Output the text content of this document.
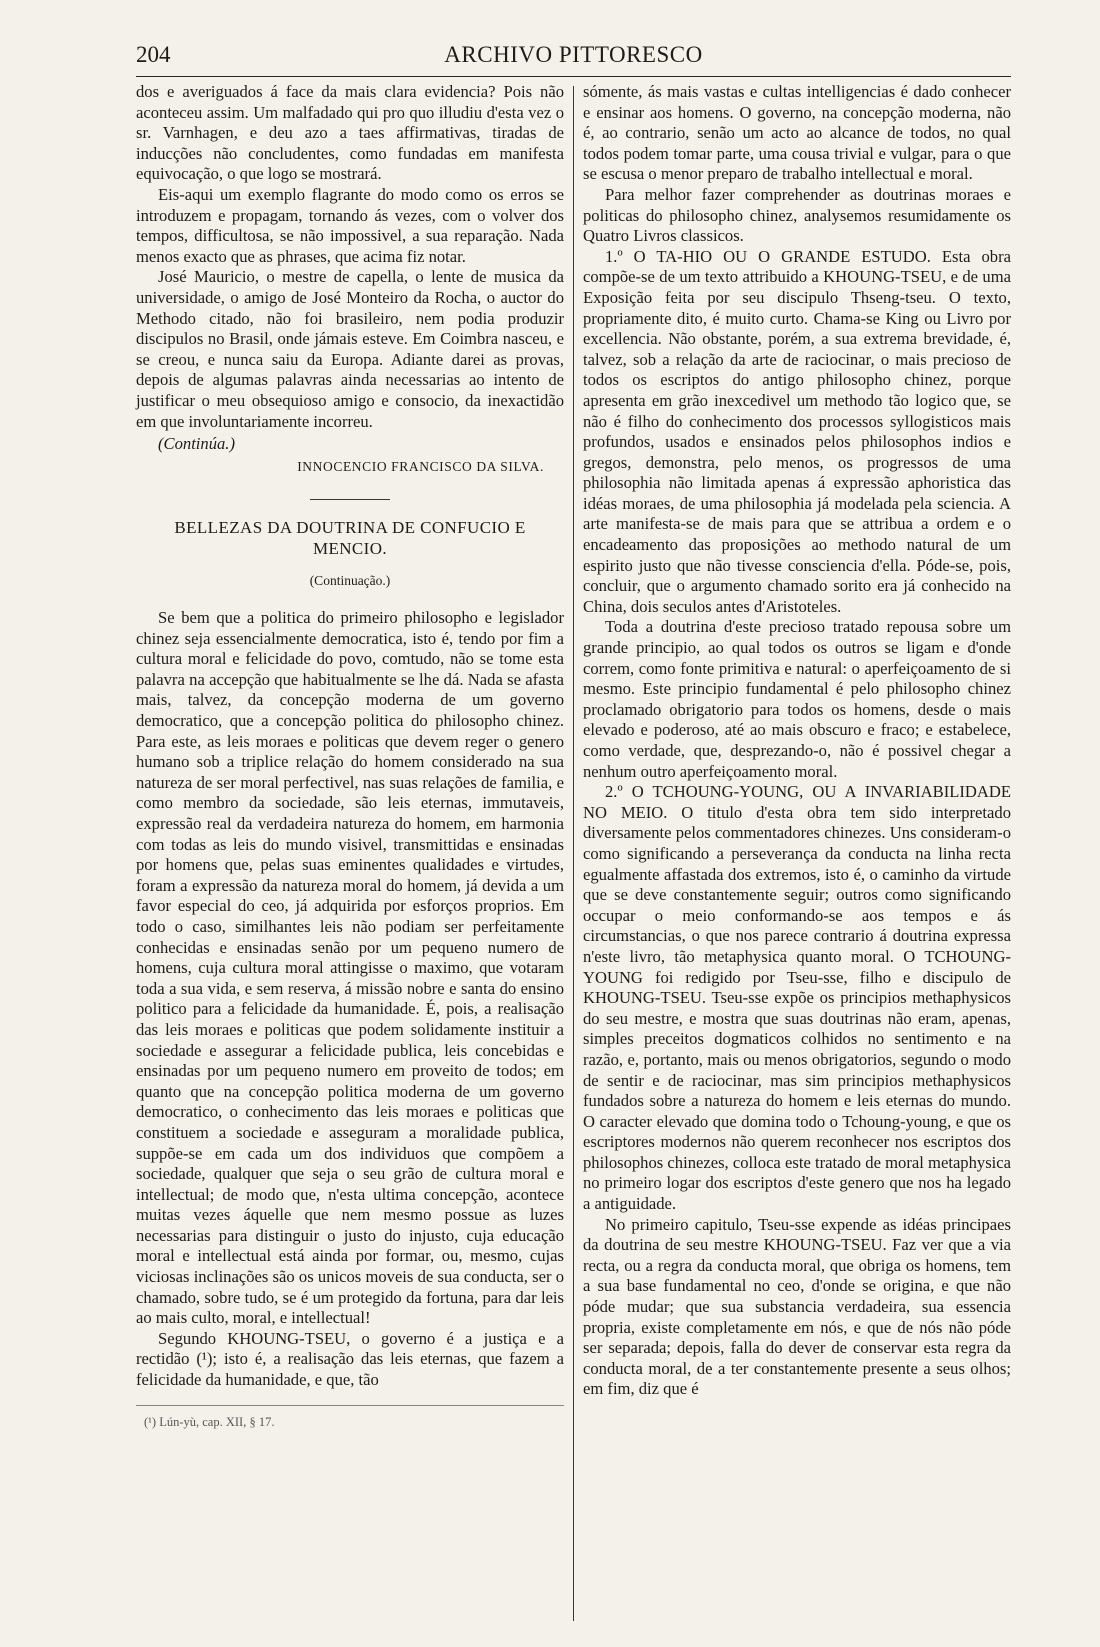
204	ARCHIVO PITTORESCO

dos e averiguados á face da mais clara evidencia? Pois não aconteceu assim. Um malfadado qui pro quo illudiu d'esta vez o sr. Varnhagen, e deu azo a taes affirmativas, tiradas de inducções não concludentes, como fundadas em manifesta equivocação, o que logo se mostrará.

Eis-aqui um exemplo flagrante do modo como os erros se introduzem e propagam, tornando ás vezes, com o volver dos tempos, difficultosa, se não impossivel, a sua reparação. Nada menos exacto que as phrases, que acima fiz notar.

José Mauricio, o mestre de capella, o lente de musica da universidade, o amigo de José Monteiro da Rocha, o auctor do Methodo citado, não foi brasileiro, nem podia produzir discipulos no Brasil, onde jámais esteve. Em Coimbra nasceu, e se creou, e nunca saiu da Europa. Adiante darei as provas, depois de algumas palavras ainda necessarias ao intento de justificar o meu obsequioso amigo e consocio, da inexactidão em que involuntariamente incorreu.

(Continúa.)

INNOCENCIO FRANCISCO DA SILVA.
BELLEZAS DA DOUTRINA DE CONFUCIO E MENCIO.
(Continuação.)

Se bem que a politica do primeiro philosopho e legislador chinez seja essencialmente democratica, isto é, tendo por fim a cultura moral e felicidade do povo, comtudo, não se tome esta palavra na accepção que habitualmente se lhe dá. Nada se afasta mais, talvez, da concepção moderna de um governo democratico, que a concepção politica do philosopho chinez. Para este, as leis moraes e politicas que devem reger o genero humano sob a triplice relação do homem considerado na sua natureza de ser moral perfectivel, nas suas relações de familia, e como membro da sociedade, são leis eternas, immutaveis, expressão real da verdadeira natureza do homem, em harmonia com todas as leis do mundo visivel, transmittidas e ensinadas por homens que, pelas suas eminentes qualidades e virtudes, foram a expressão da natureza moral do homem, já devida a um favor especial do ceo, já adquirida por esforços proprios. Em todo o caso, similhantes leis não podiam ser perfeitamente conhecidas e ensinadas senão por um pequeno numero de homens, cuja cultura moral attingisse o maximo, que votaram toda a sua vida, e sem reserva, á missão nobre e santa do ensino politico para a felicidade da humanidade. É, pois, a realisação das leis moraes e politicas que podem solidamente instituir a sociedade e assegurar a felicidade publica, leis concebidas e ensinadas por um pequeno numero em proveito de todos; em quanto que na concepção politica moderna de um governo democratico, o conhecimento das leis moraes e politicas que constituem a sociedade e asseguram a moralidade publica, suppõe-se em cada um dos individuos que compõem a sociedade, qualquer que seja o seu grão de cultura moral e intellectual; de modo que, n'esta ultima concepção, acontece muitas vezes áquelle que nem mesmo possue as luzes necessarias para distinguir o justo do injusto, cuja educação moral e intellectual está ainda por formar, ou, mesmo, cujas viciosas inclinações são os unicos moveis de sua conducta, ser o chamado, sobre tudo, se é um protegido da fortuna, para dar leis ao mais culto, moral, e intellectual!

Segundo KHOUNG-TSEU, o governo é a justiça e a rectidão (¹); isto é, a realisação das leis eternas, que fazem a felicidade da humanidade, e que, tão

(¹) Lún-yù, cap. XII, § 17.

sómente, ás mais vastas e cultas intelligencias é dado conhecer e ensinar aos homens. O governo, na concepção moderna, não é, ao contrario, senão um acto ao alcance de todos, no qual todos podem tomar parte, uma cousa trivial e vulgar, para o que se escusa o menor preparo de trabalho intellectual e moral.

Para melhor fazer comprehender as doutrinas moraes e politicas do philosopho chinez, analysemos resumidamente os Quatro Livros classicos.

1.º O TA-HIO OU O GRANDE ESTUDO. Esta obra compõe-se de um texto attribuido a KHOUNG-TSEU, e de uma Exposição feita por seu discipulo Thseng-tseu. O texto, propriamente dito, é muito curto. Chama-se King ou Livro por excellencia. Não obstante, porém, a sua extrema brevidade, é, talvez, sob a relação da arte de raciocinar, o mais precioso de todos os escriptos do antigo philosopho chinez, porque apresenta em grão inexcedivel um methodo tão logico que, se não é filho do conhecimento dos processos syllogisticos mais profundos, usados e ensinados pelos philosophos indios e gregos, demonstra, pelo menos, os progressos de uma philosophia não limitada apenas á expressão aphoristica das idéas moraes, de uma philosophia já modelada pela sciencia. A arte manifesta-se de mais para que se attribua a ordem e o encadeamento das proposições ao methodo natural de um espirito justo que não tivesse consciencia d'ella. Póde-se, pois, concluir, que o argumento chamado sorito era já conhecido na China, dois seculos antes d'Aristoteles.

Toda a doutrina d'este precioso tratado repousa sobre um grande principio, ao qual todos os outros se ligam e d'onde correm, como fonte primitiva e natural: o aperfeiçoamento de si mesmo. Este principio fundamental é pelo philosopho chinez proclamado obrigatorio para todos os homens, desde o mais elevado e poderoso, até ao mais obscuro e fraco; e estabelece, como verdade, que, desprezando-o, não é possivel chegar a nenhum outro aperfeiçoamento moral.

2.º O TCHOUNG-YOUNG, OU A INVARIABILIDADE NO MEIO. O titulo d'esta obra tem sido interpretado diversamente pelos commentadores chinezes. Uns consideram-o como significando a perseverança da conducta na linha recta egualmente affastada dos extremos, isto é, o caminho da virtude que se deve constantemente seguir; outros como significando occupar o meio conformando-se aos tempos e ás circumstancias, o que nos parece contrario á doutrina expressa n'este livro, tão metaphysica quanto moral. O TCHOUNG-YOUNG foi redigido por Tseu-sse, filho e discipulo de KHOUNG-TSEU. Tseu-sse expõe os principios methaphysicos do seu mestre, e mostra que suas doutrinas não eram, apenas, simples preceitos dogmaticos colhidos no sentimento e na razão, e, portanto, mais ou menos obrigatorios, segundo o modo de sentir e de raciocinar, mas sim principios methaphysicos fundados sobre a natureza do homem e leis eternas do mundo. O caracter elevado que domina todo o Tchoung-young, e que os escriptores modernos não querem reconhecer nos escriptos dos philosophos chinezes, colloca este tratado de moral metaphysica no primeiro logar dos escriptos d'este genero que nos ha legado a antiguidade.

No primeiro capitulo, Tseu-sse expende as idéas principaes da doutrina de seu mestre KHOUNG-TSEU. Faz ver que a via recta, ou a regra da conducta moral, que obriga os homens, tem a sua base fundamental no ceo, d'onde se origina, e que não póde mudar; que sua substancia verdadeira, sua essencia propria, existe completamente em nós, e que de nós não póde ser separada; depois, falla do dever de conservar esta regra da conducta moral, de a ter constantemente presente a seus olhos; em fim, diz que é
